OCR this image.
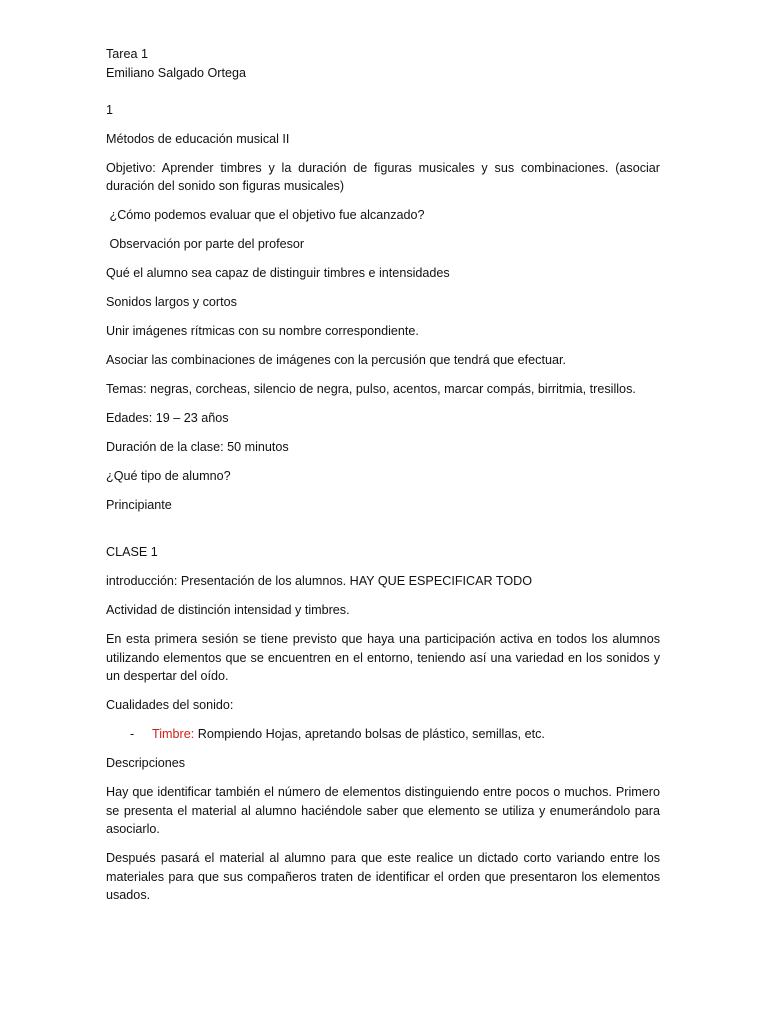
Tarea 1

Emiliano Salgado Ortega

1

Métodos de educación musical II

Objetivo: Aprender timbres y la duración de figuras musicales y sus combinaciones. (asociar duración del sonido son figuras musicales)

¿Cómo podemos evaluar que el objetivo fue alcanzado?

Observación por parte del profesor

Qué el alumno sea capaz de distinguir timbres e intensidades

Sonidos largos y cortos

Unir imágenes rítmicas con su nombre correspondiente.

Asociar las combinaciones de imágenes con la percusión que tendrá que efectuar.

Temas: negras, corcheas, silencio de negra, pulso, acentos, marcar compás, birritmia, tresillos.

Edades: 19 – 23 años

Duración de la clase: 50 minutos

¿Qué tipo de alumno?

Principiante

CLASE 1

introducción: Presentación de los alumnos. HAY QUE ESPECIFICAR TODO

Actividad de distinción intensidad y timbres.

En esta primera sesión se tiene previsto que haya una participación activa en todos los alumnos utilizando elementos que se encuentren en el entorno, teniendo así una variedad en los sonidos y un despertar del oído.

Cualidades del sonido:

-	Timbre: Rompiendo Hojas, apretando bolsas de plástico, semillas, etc.

Descripciones

Hay que identificar también el número de elementos distinguiendo entre pocos o muchos. Primero se presenta el material al alumno haciéndole saber que elemento se utiliza y enumerándolo para asociarlo.

Después pasará el material al alumno para que este realice un dictado corto variando entre los materiales para que sus compañeros traten de identificar el orden que presentaron los elementos usados.
